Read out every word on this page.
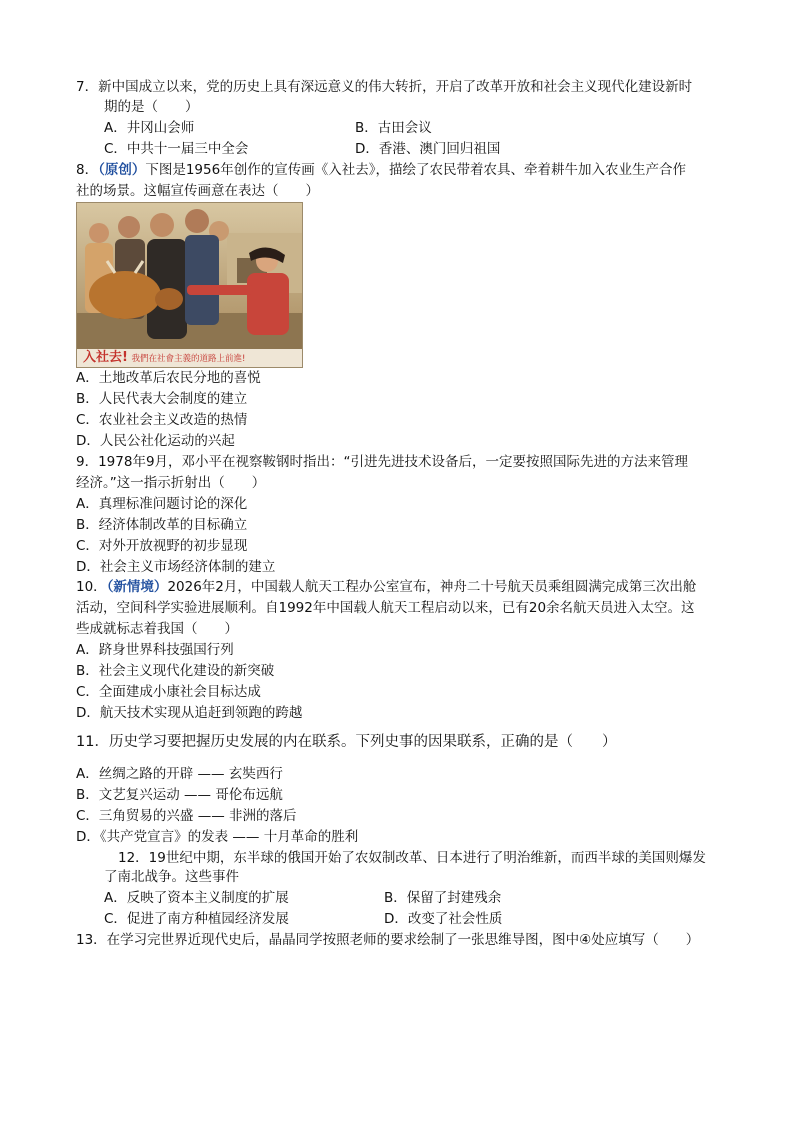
7．新中国成立以来，党的历史上具有深远意义的伟大转折，开启了改革开放和社会主义现代化建设新时
期的是（　　）
A．井冈山会师	B．古田会议
C．中共十一届三中全会	D．香港、澳门回归祖国
8．（原创）下图是1956年创作的宣传画《入社去》，描绘了农民带着农具、牵着耕牛加入农业生产合作
社的场景。这幅宣传画意在表达（　　）
入社去! 我們在社會主義的道路上前進!
A．土地改革后农民分地的喜悦
B．人民代表大会制度的建立
C．农业社会主义改造的热情
D．人民公社化运动的兴起
9．1978年9月，邓小平在视察鞍钢时指出：“引进先进技术设备后，一定要按照国际先进的方法来管理
经济。”这一指示折射出（　　）
A．真理标准问题讨论的深化
B．经济体制改革的目标确立
C．对外开放视野的初步显现
D．社会主义市场经济体制的建立
10．（新情境）2026年2月，中国载人航天工程办公室宣布，神舟二十号航天员乘组圆满完成第三次出舱
活动，空间科学实验进展顺利。自1992年中国载人航天工程启动以来，已有20余名航天员进入太空。这
些成就标志着我国（　　）
A．跻身世界科技强国行列
B．社会主义现代化建设的新突破
C．全面建成小康社会目标达成
D．航天技术实现从追赶到领跑的跨越
11．历史学习要把握历史发展的内在联系。下列史事的因果联系，正确的是（　　）
A．丝绸之路的开辟 —— 玄奘西行
B．文艺复兴运动 —— 哥伦布远航
C．三角贸易的兴盛 —— 非洲的落后
D．《共产党宣言》的发表 —— 十月革命的胜利
12．19世纪中期，东半球的俄国开始了农奴制改革、日本进行了明治维新，而西半球的美国则爆发
了南北战争。这些事件
A．反映了资本主义制度的扩展	B．保留了封建残余
C．促进了南方种植园经济发展	D．改变了社会性质
13．在学习完世界近现代史后，晶晶同学按照老师的要求绘制了一张思维导图，图中④处应填写（　　）
